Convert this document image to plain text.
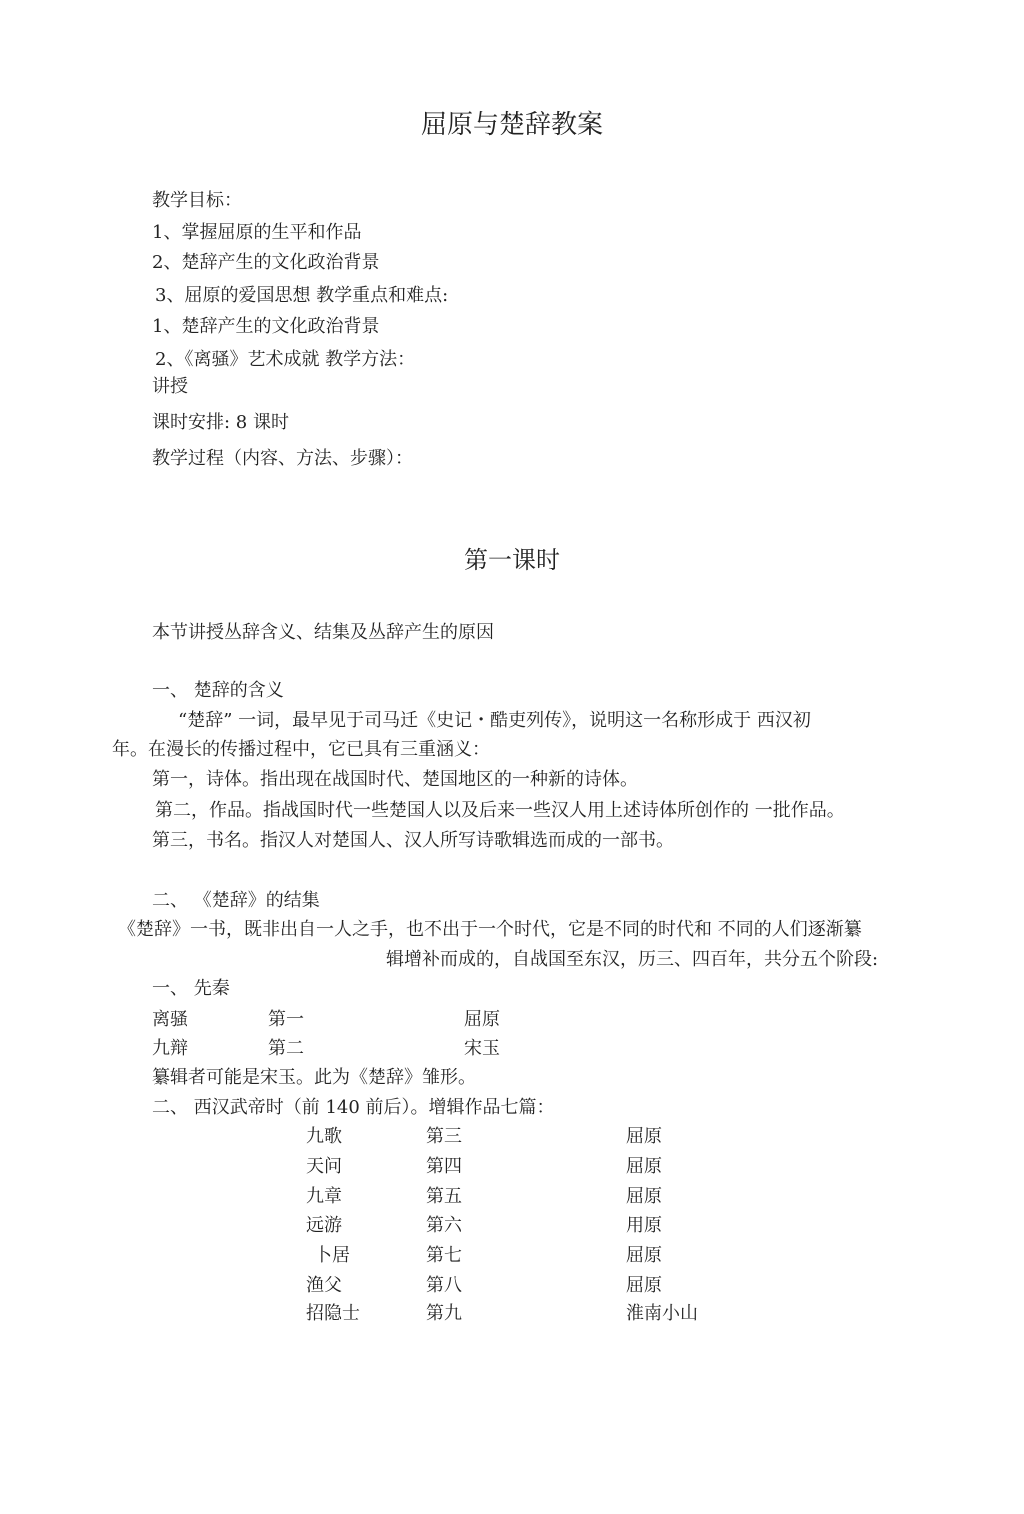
屈原与楚辞教案
教学目标：
1、掌握屈原的生平和作品
2、楚辞产生的文化政治背景
3、屈原的爱国思想 教学重点和难点:
1、楚辞产生的文化政治背景
2、《离骚》艺术成就 教学方法：
讲授
课时安排: 8 课时
教学过程（内容、方法、步骤）：
第一课时
本节讲授丛辞含义、结集及丛辞产生的原因
一、 楚辞的含义
“楚辞” 一词，最早见于司马迁《史记・酷吏列传》，说明这一名称形成于 西汉初
年。在漫长的传播过程中，它已具有三重涵义：
第一，诗体。指出现在战国时代、楚国地区的一种新的诗体。
第二，作品。指战国时代一些楚国人以及后来一些汉人用上述诗体所创作的 一批作品。
第三，书名。指汉人对楚国人、汉人所写诗歌辑选而成的一部书。
二、 《楚辞》的结集
《楚辞》一书，既非出自一人之手，也不出于一个时代，它是不同的时代和 不同的人们逐渐纂
辑增补而成的，自战国至东汉，历三、四百年，共分五个阶段:
一、 先秦
离骚	第一	屈原
九辩	第二	宋玉
纂辑者可能是宋玉。此为《楚辞》雏形。
二、 西汉武帝时（前 140 前后）。增辑作品七篇：
九歌	第三	屈原
天问	第四	屈原
九章	第五	屈原
远游	第六	用原
卜居	第七	屈原
渔父	第八	屈原
招隐士	第九	淮南小山
